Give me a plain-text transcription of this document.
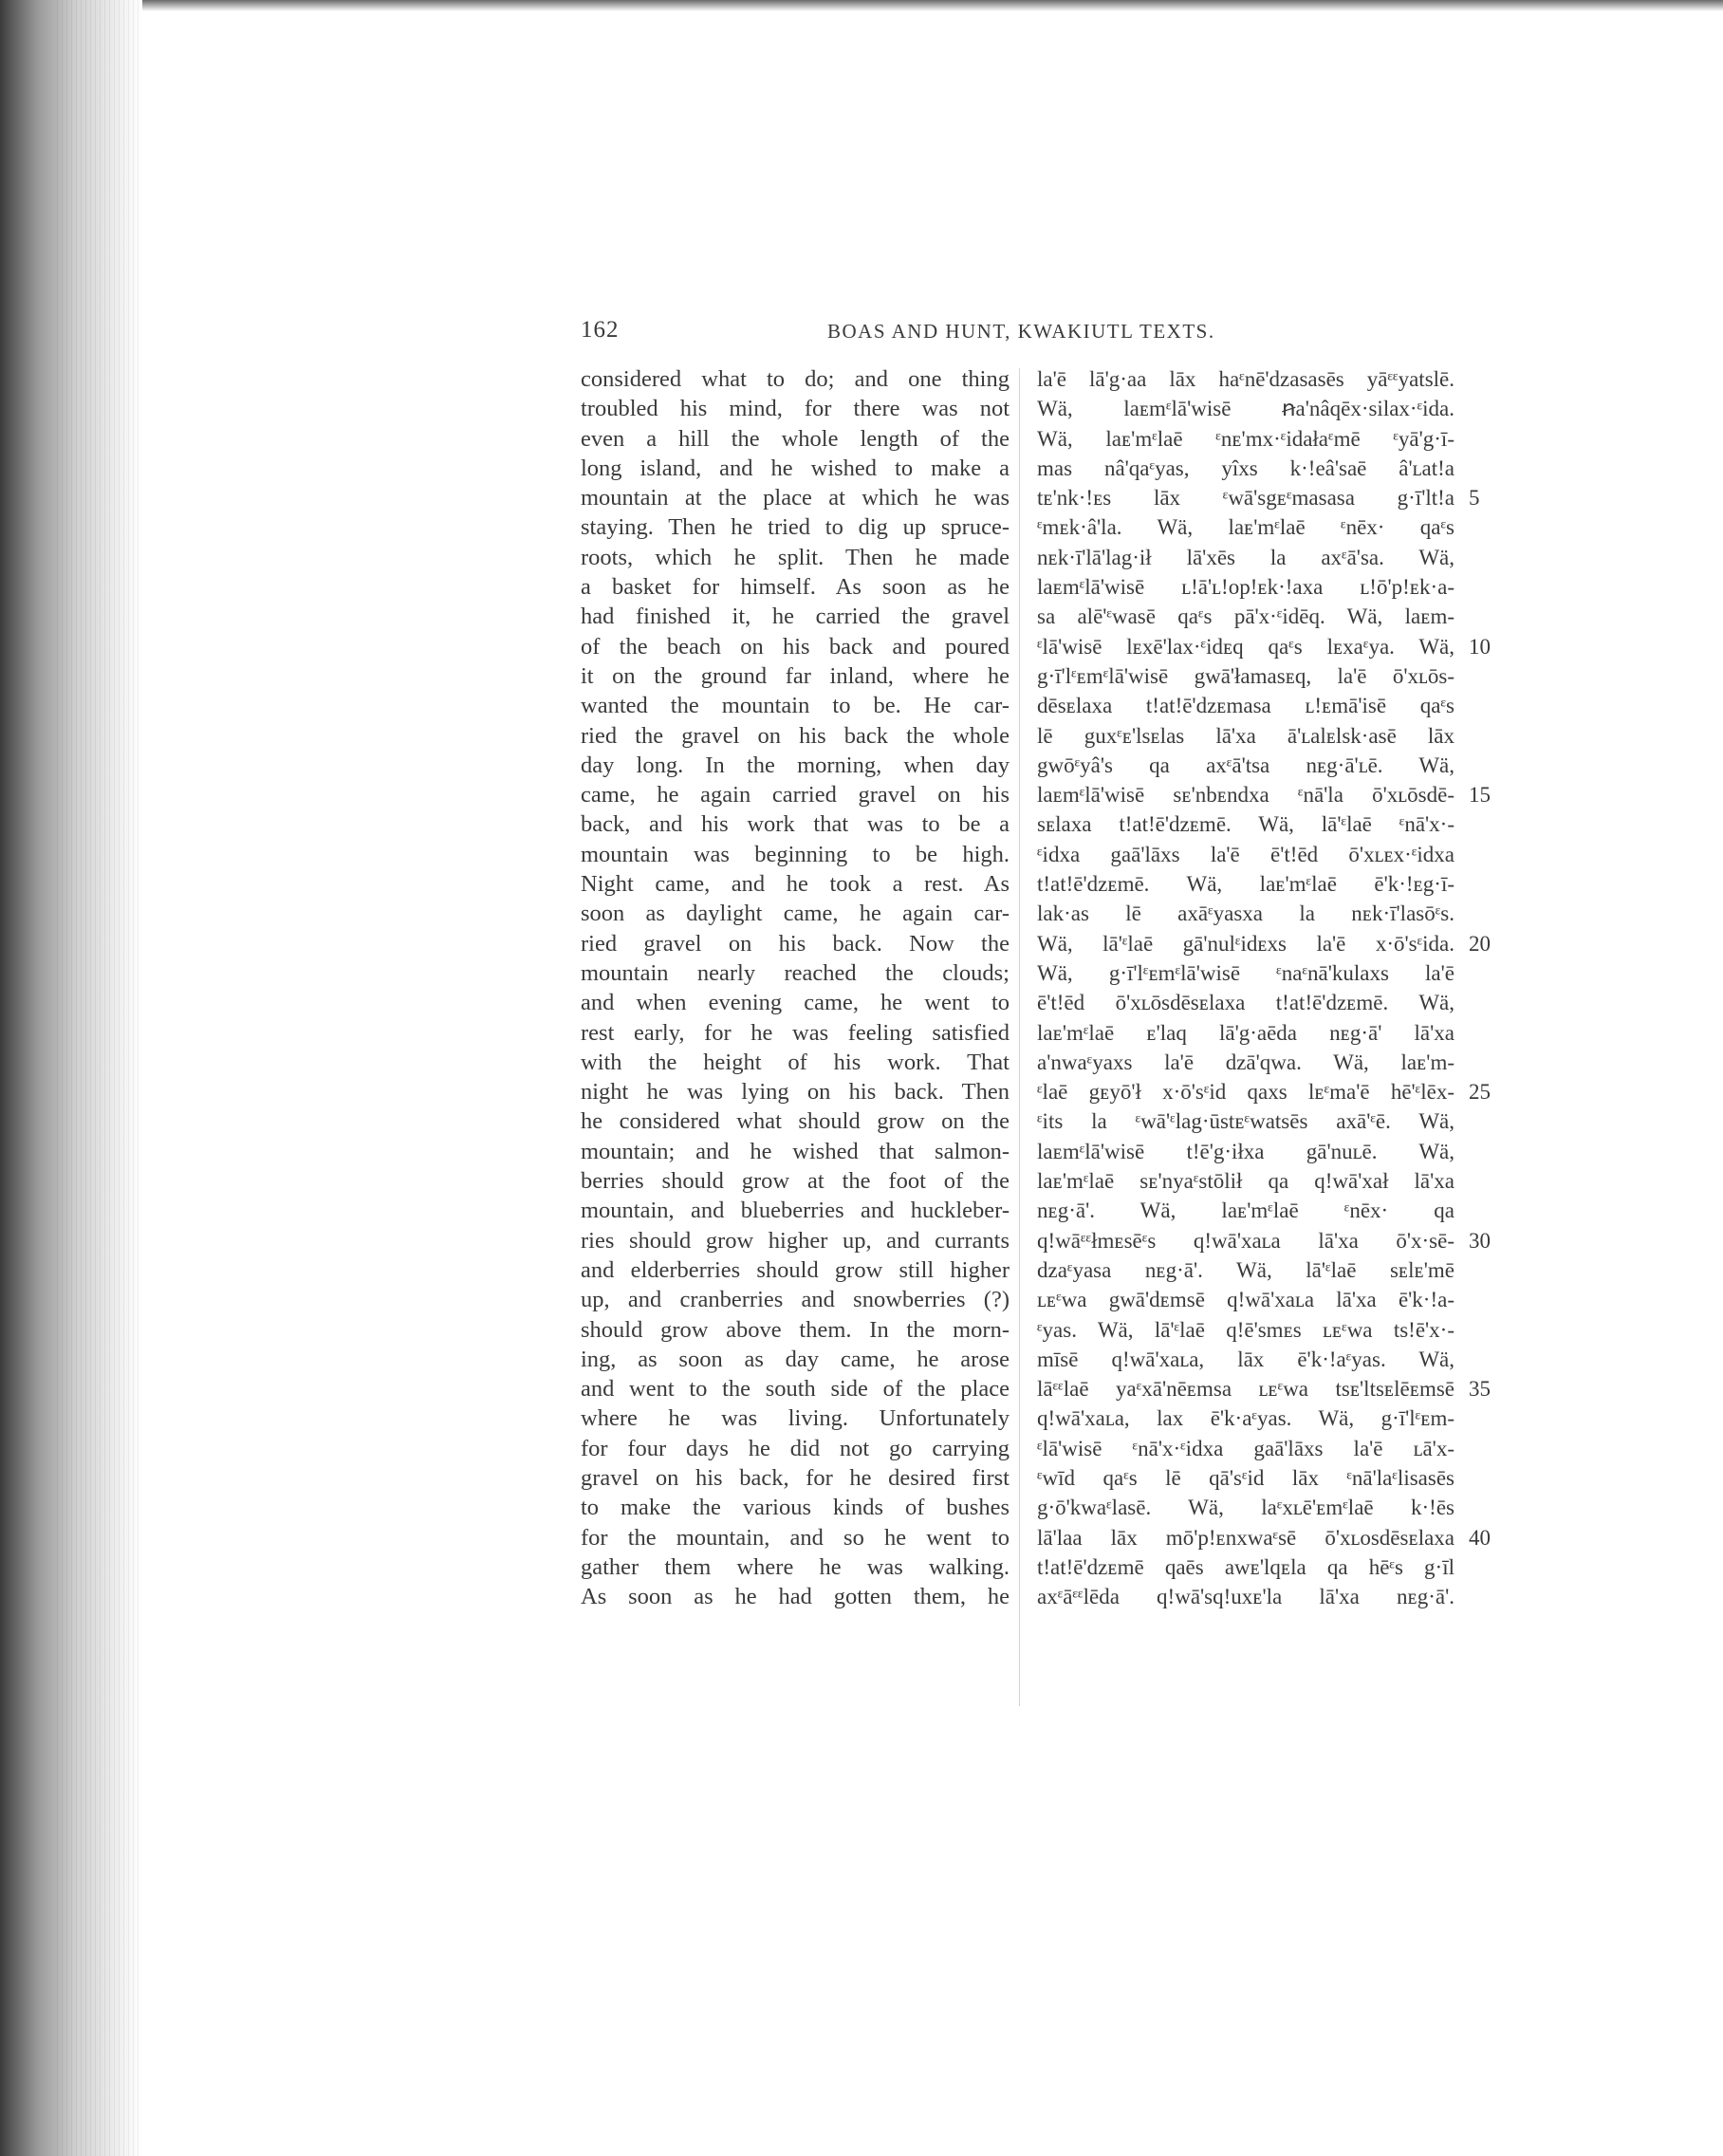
162	BOAS AND HUNT, KWAKIUTL TEXTS.
considered what to do; and one thing
troubled his mind, for there was not
even a hill the whole length of the
long island, and he wished to make a
mountain at the place at which he was
staying. Then he tried to dig up spruce-
roots, which he split. Then he made
a basket for himself. As soon as he
had finished it, he carried the gravel
of the beach on his back and poured
it on the ground far inland, where he
wanted the mountain to be. He car-
ried the gravel on his back the whole
day long. In the morning, when day
came, he again carried gravel on his
back, and his work that was to be a
mountain was beginning to be high.
Night came, and he took a rest. As
soon as daylight came, he again car-
ried gravel on his back. Now the
mountain nearly reached the clouds;
and when evening came, he went to
rest early, for he was feeling satisfied
with the height of his work. That
night he was lying on his back. Then
he considered what should grow on the
mountain; and he wished that salmon-
berries should grow at the foot of the
mountain, and blueberries and huckleber-
ries should grow higher up, and currants
and elderberries should grow still higher
up, and cranberries and snowberries (?)
should grow above them. In the morn-
ing, as soon as day came, he arose
and went to the south side of the place
where he was living. Unfortunately
for four days he did not go carrying
gravel on his back, for he desired first
to make the various kinds of bushes
for the mountain, and so he went to
gather them where he was walking.
As soon as he had gotten them, he
la'ē lā'g·aa lāx haᵋnē'dzasasēs yāᵋᵋyatslē.
Wä, laᴇmᵋlā'wisē ꞥa'nâqēx·silax·ᵋida.
Wä, laᴇ'mᵋlaē ᵋnᴇ'mx·ᵋidałaᵋmē ᵋyā'g·ī-
mas nâ'qaᵋyas, yîxs k·!eâ'saē â'ʟat!a
tᴇ'nk·!ᴇs lāx ᵋwā'sgᴇᵋmasasa g·ī'lt!a
ᵋmᴇk·â'la. Wä, laᴇ'mᵋlaē ᵋnēx· qaᵋs
nᴇk·ī'lā'lag·ił lā'xēs la axᵋā'sa. Wä,
laᴇmᵋlā'wisē ʟ!ā'ʟ!op!ᴇk·!axa ʟ!ō'p!ᴇk·a-
sa alē'ᵋwasē qaᵋs pā'x·ᵋidēq. Wä, laᴇm-
ᵋlā'wisē lᴇxē'lax·ᵋidᴇq qaᵋs lᴇxaᵋya. Wä,
g·ī'lᵋᴇmᵋlā'wisē gwā'łamasᴇq, la'ē ō'xʟōs-
dēsᴇlaxa t!at!ē'dzᴇmasa ʟ!ᴇmā'isē qaᵋs
lē guxᵋᴇ'lsᴇlas lā'xa ā'ʟalᴇlsk·asē lāx
gwōᵋyâ's qa axᵋā'tsa nᴇg·ā'ʟē. Wä,
laᴇmᵋlā'wisē sᴇ'nbᴇndxa ᵋnā'la ō'xʟōsdē-
sᴇlaxa t!at!ē'dzᴇmē. Wä, lā'ᵋlaē ᵋnā'x·-
ᵋidxa gaā'lāxs la'ē ē't!ēd ō'xʟᴇx·ᵋidxa
t!at!ē'dzᴇmē. Wä, laᴇ'mᵋlaē ē'k·!ᴇg·ī-
lak·as lē axāᵋyasxa la nᴇk·ī'lasōᵋs.
Wä, lā'ᵋlaē gā'nulᵋidᴇxs la'ē x·ō'sᵋida.
Wä, g·ī'lᵋᴇmᵋlā'wisē ᵋnaᵋnā'kulaxs la'ē
ē't!ēd ō'xʟōsdēsᴇlaxa t!at!ē'dzᴇmē. Wä,
laᴇ'mᵋlaē ᴇ'laq lā'g·aēda nᴇg·ā' lā'xa
a'nwaᵋyaxs la'ē dzā'qwa. Wä, laᴇ'm-
ᵋlaē gᴇyō'ł x·ō'sᵋid qaxs lᴇᵋma'ē hē'ᵋlēx-
ᵋits la ᵋwā'ᵋlag·ūstᴇᵋwatsēs axā'ᵋē. Wä,
laᴇmᵋlā'wisē t!ē'g·iłxa gā'nuʟē. Wä,
laᴇ'mᵋlaē sᴇ'nyaᵋstōlił qa q!wā'xał lā'xa
nᴇg·ā'. Wä, laᴇ'mᵋlaē ᵋnēx· qa
q!wāᵋᵋłmᴇsēᵋs q!wā'xaʟa lā'xa ō'x·sē-
dzaᵋyasa nᴇg·ā'. Wä, lā'ᵋlaē sᴇlᴇ'mē
ʟᴇᵋwa gwā'dᴇmsē q!wā'xaʟa lā'xa ē'k·!a-
ᵋyas. Wä, lā'ᵋlaē q!ē'smᴇs ʟᴇᵋwa ts!ē'x·-
mīsē q!wā'xaʟa, lāx ē'k·!aᵋyas. Wä,
lāᵋᵋlaē yaᵋxā'nēᴇmsa ʟᴇᵋwa tsᴇ'ltsᴇlēᴇmsē
q!wā'xaʟa, lax ē'k·aᵋyas. Wä, g·ī'lᵋᴇm-
ᵋlā'wisē ᵋnā'x·ᵋidxa gaā'lāxs la'ē ʟā'x-
ᵋwīd qaᵋs lē qā'sᵋid lāx ᵋnā'laᵋlisasēs
g·ō'kwaᵋlasē. Wä, laᵋxʟē'ᴇmᵋlaē k·!ēs
lā'laa lāx mō'p!ᴇnxwaᵋsē ō'xʟosdēsᴇlaxa
t!at!ē'dzᴇmē qaēs awᴇ'lqᴇla qa hēᵋs g·īl
axᵋāᵋᵋlēda q!wā'sq!uxᴇ'la lā'xa nᴇg·ā'.
5
10
15
20
25
30
35
40
